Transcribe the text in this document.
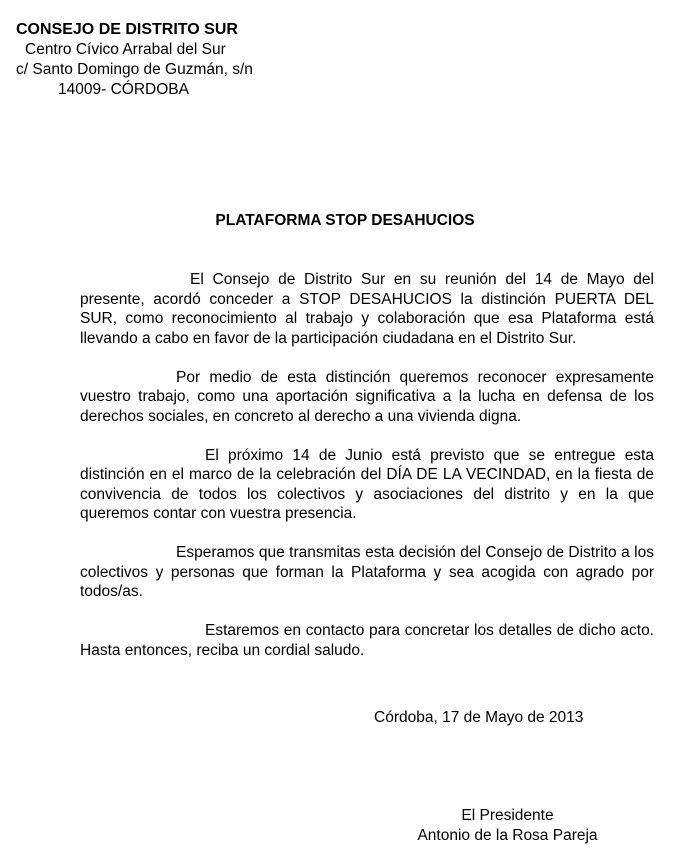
CONSEJO DE DISTRITO SUR
Centro Cívico Arrabal del Sur
c/ Santo Domingo de Guzmán, s/n
14009- CÓRDOBA
PLATAFORMA STOP DESAHUCIOS

El Consejo de Distrito Sur en su reunión del 14 de Mayo del presente, acordó conceder a STOP DESAHUCIOS la distinción PUERTA DEL SUR, como reconocimiento al trabajo y colaboración que esa Plataforma está llevando a cabo en favor de la participación ciudadana en el Distrito Sur.

Por medio de esta distinción queremos reconocer expresamente vuestro trabajo, como una aportación significativa a la lucha en defensa de los derechos sociales, en concreto al derecho a una vivienda digna.

El próximo 14 de Junio está previsto que se entregue esta distinción en el marco de la celebración del DÍA DE LA VECINDAD, en la fiesta de convivencia de todos los colectivos y asociaciones del distrito y en la que queremos contar con vuestra presencia.

Esperamos que transmitas esta decisión del Consejo de Distrito a los colectivos y personas que forman la Plataforma y sea acogida con agrado por todos/as.

Estaremos en contacto para concretar los detalles de dicho acto. Hasta entonces, reciba un cordial saludo.

Córdoba, 17 de Mayo de 2013
El Presidente
Antonio de la Rosa Pareja
